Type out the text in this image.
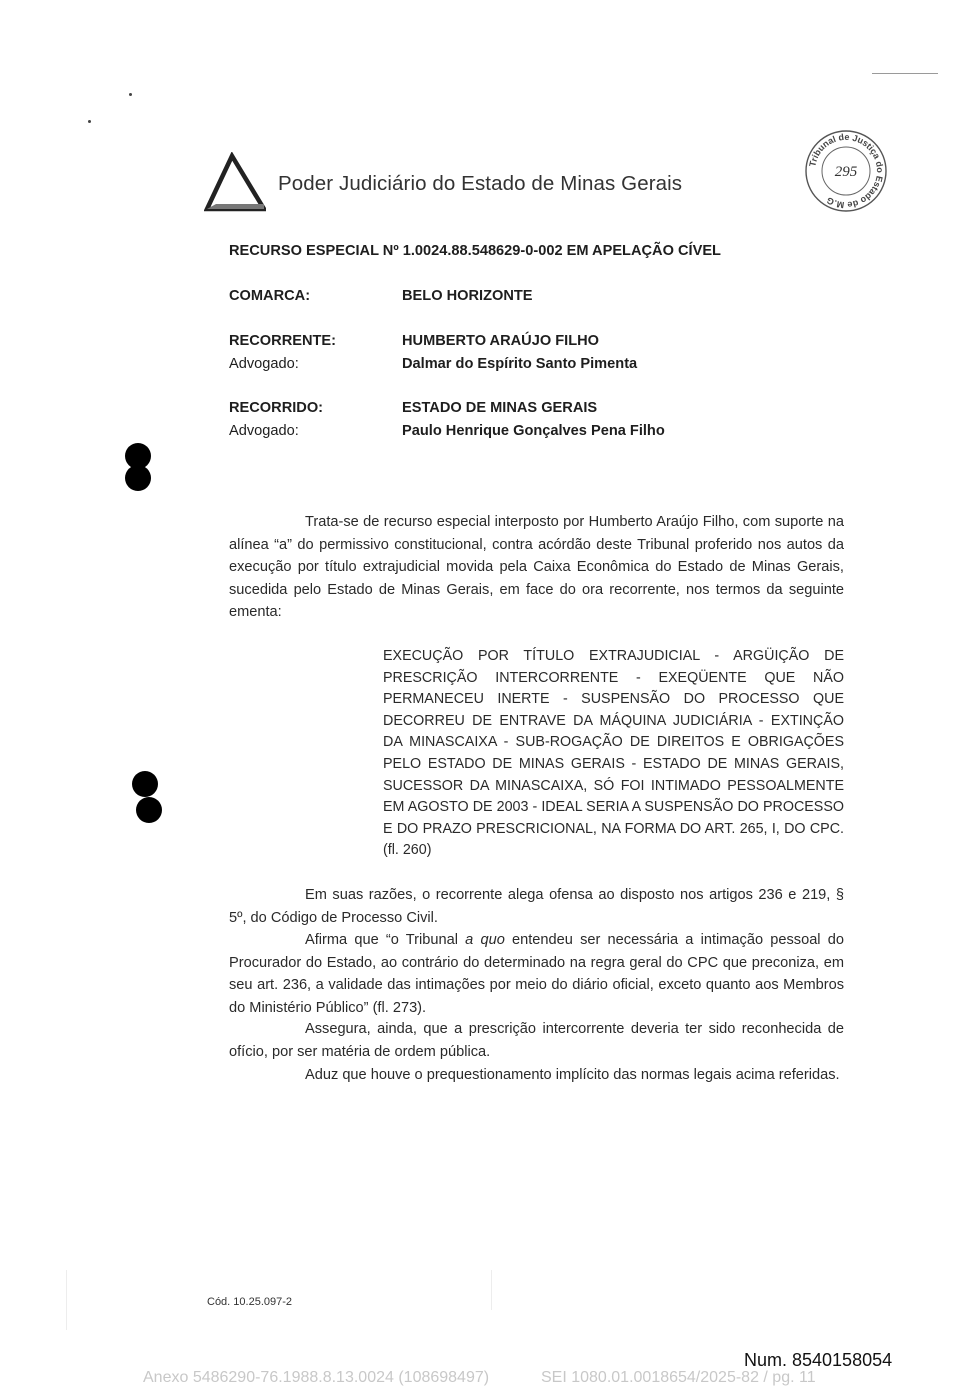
Poder Judiciário do Estado de Minas Gerais
Tribunal de Justiça do Estado de M.G
295
RECURSO ESPECIAL Nº 1.0024.88.548629-0-002 EM APELAÇÃO CÍVEL
COMARCA:	BELO HORIZONTE
RECORRENTE:	HUMBERTO ARAÚJO FILHO
Advogado:	Dalmar do Espírito Santo Pimenta
RECORRIDO:	ESTADO DE MINAS GERAIS
Advogado:	Paulo Henrique Gonçalves Pena Filho
Trata-se de recurso especial interposto por Humberto Araújo Filho, com suporte na alínea “a” do permissivo constitucional, contra acórdão deste Tribunal proferido nos autos da execução por título extrajudicial movida pela Caixa Econômica do Estado de Minas Gerais, sucedida pelo Estado de Minas Gerais, em face do ora recorrente, nos termos da seguinte ementa:
EXECUÇÃO POR TÍTULO EXTRAJUDICIAL - ARGÜIÇÃO DE PRESCRIÇÃO INTERCORRENTE - EXEQÜENTE QUE NÃO PERMANECEU INERTE - SUSPENSÃO DO PROCESSO QUE DECORREU DE ENTRAVE DA MÁQUINA JUDICIÁRIA - EXTINÇÃO DA MINASCAIXA - SUB-ROGAÇÃO DE DIREITOS E OBRIGAÇÕES PELO ESTADO DE MINAS GERAIS - ESTADO DE MINAS GERAIS, SUCESSOR DA MINASCAIXA, SÓ FOI INTIMADO PESSOALMENTE EM AGOSTO DE 2003 - IDEAL SERIA A SUSPENSÃO DO PROCESSO E DO PRAZO PRESCRICIONAL, NA FORMA DO ART. 265, I, DO CPC. (fl. 260)
Em suas razões, o recorrente alega ofensa ao disposto nos artigos 236 e 219, § 5º, do Código de Processo Civil.
Afirma que “o Tribunal a quo entendeu ser necessária a intimação pessoal do Procurador do Estado, ao contrário do determinado na regra geral do CPC que preconiza, em seu art. 236, a validade das intimações por meio do diário oficial, exceto quanto aos Membros do Ministério Público” (fl. 273).
Assegura, ainda, que a prescrição intercorrente deveria ter sido reconhecida de ofício, por ser matéria de ordem pública.
Aduz que houve o prequestionamento implícito das normas legais acima referidas.
Cód. 10.25.097-2
Num. 8540158054
Anexo 5486290-76.1988.8.13.0024 (108698497)	SEI 1080.01.0018654/2025-82 / pg. 11
